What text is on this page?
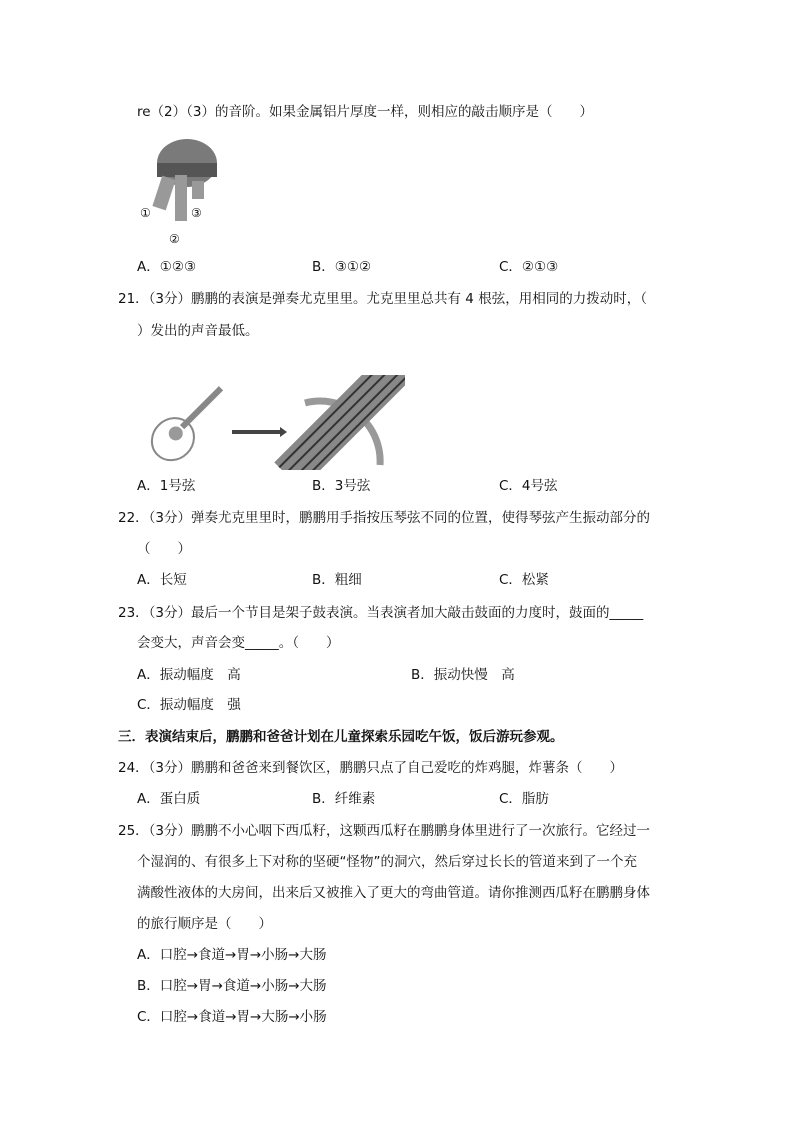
re（2）（3）的音阶。如果金属铝片厚度一样，则相应的敲击顺序是（　　）
①
②
③
A．①②③	B．③①②	C．②①③
21．（3分）鹏鹏的表演是弹奏尤克里里。尤克里里总共有 4 根弦，用相同的力拨动时，（
）发出的声音最低。
A．1号弦	B．3号弦	C．4号弦
22．（3分）弹奏尤克里里时，鹏鹏用手指按压琴弦不同的位置，使得琴弦产生振动部分的
（　　）
A．长短	B．粗细	C．松紧
23．（3分）最后一个节目是架子鼓表演。当表演者加大敲击鼓面的力度时，鼓面的_____
会变大，声音会变_____。（　　）
A．振动幅度　高	B．振动快慢　高
C．振动幅度　强
三．表演结束后，鹏鹏和爸爸计划在儿童探索乐园吃午饭，饭后游玩参观。
24．（3分）鹏鹏和爸爸来到餐饮区，鹏鹏只点了自己爱吃的炸鸡腿，炸薯条（　　）
A．蛋白质	B．纤维素	C．脂肪
25．（3分）鹏鹏不小心咽下西瓜籽，这颗西瓜籽在鹏鹏身体里进行了一次旅行。它经过一
个湿润的、有很多上下对称的坚硬“怪物”的洞穴，然后穿过长长的管道来到了一个充
满酸性液体的大房间，出来后又被推入了更大的弯曲管道。请你推测西瓜籽在鹏鹏身体
的旅行顺序是（　　）
A．口腔→食道→胃→小肠→大肠
B．口腔→胃→食道→小肠→大肠
C．口腔→食道→胃→大肠→小肠
